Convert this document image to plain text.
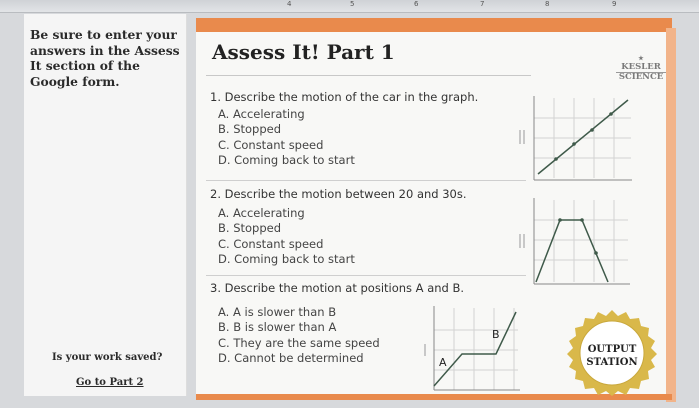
4	5	6	7	8	9
Be sure to enter your answers in the Assess It section of the Google form.
Is your work saved?
Go to Part 2
Assess It! Part 1	★
KESLER
SCIENCE
1. Describe the motion of the car in the graph.
A. Accelerating
B. Stopped
C. Constant speed
D. Coming back to start
2. Describe the motion between 20 and 30s.
A. Accelerating
B. Stopped
C. Constant speed
D. Coming back to start
3. Describe the motion at positions A and B.
A. A is slower than B
B. B is slower than A
C. They are the same speed
D. Cannot be determined	A
B
OUTPUT
STATION
